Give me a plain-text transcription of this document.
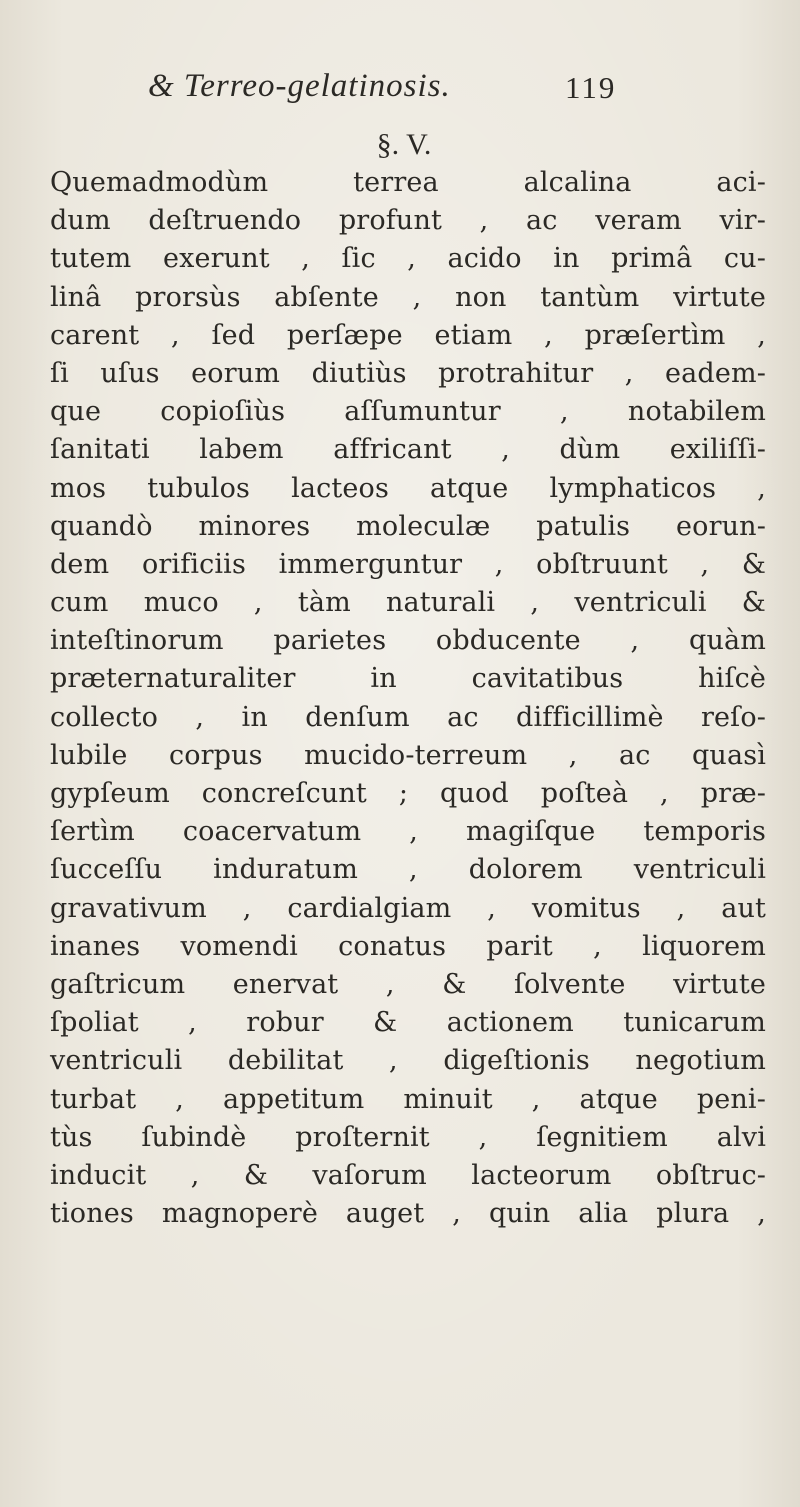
& Terreo-gelatinosis.	119
§. V.
Quemadmodùm terrea alcalina aci-
dum deſtruendo profunt , ac veram vir-
tutem exerunt , ſic , acido in primâ cu-
linâ prorsùs abſente , non tantùm virtute
carent , ſed perſæpe etiam , præſertìm ,
ſi uſus eorum diutiùs protrahitur , eadem-
que copioſiùs aſſumuntur , notabilem
ſanitati labem affricant , dùm exiliſſi-
mos tubulos lacteos atque lymphaticos ,
quandò minores moleculæ patulis eorun-
dem orificiis immerguntur , obſtruunt , &
cum muco , tàm naturali , ventriculi &
inteſtinorum parietes obducente , quàm
præternaturaliter in cavitatibus hiſcè
collecto , in denſum ac difficillimè reſo-
lubile corpus mucido-terreum , ac quasì
gypſeum concreſcunt ; quod poſteà , præ-
ſertìm coacervatum , magiſque temporis
ſucceſſu induratum , dolorem ventriculi
gravativum , cardialgiam , vomitus , aut
inanes vomendi conatus parit , liquorem
gaſtricum enervat , & ſolvente virtute
ſpoliat , robur & actionem tunicarum
ventriculi debilitat , digeſtionis negotium
turbat , appetitum minuit , atque peni-
tùs ſubindè proſternit , ſegnitiem alvi
inducit , & vaſorum lacteorum obſtruc-
tiones magnoperè auget , quin alia plura ,
